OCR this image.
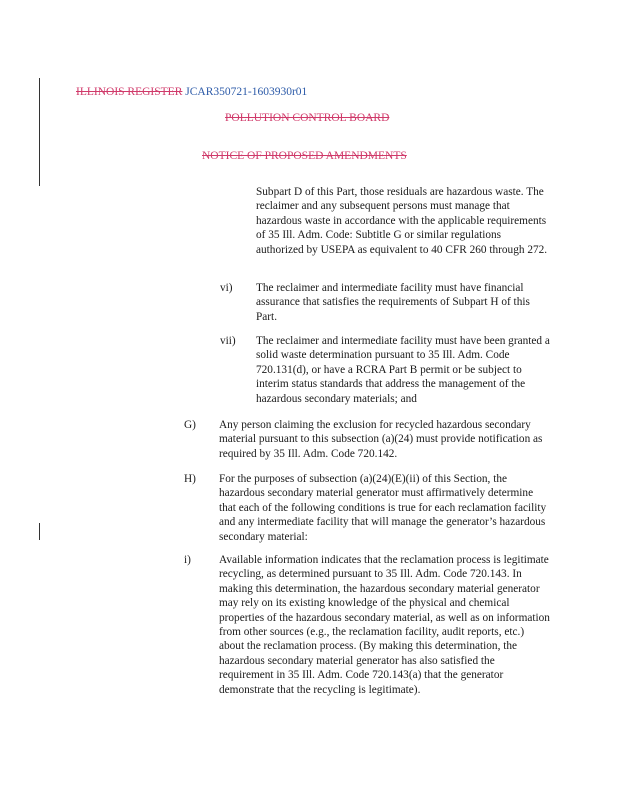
ILLINOIS REGISTER JCAR350721-1603930r01
POLLUTION CONTROL BOARD
NOTICE OF PROPOSED AMENDMENTS
Subpart D of this Part, those residuals are hazardous waste. The reclaimer and any subsequent persons must manage that hazardous waste in accordance with the applicable requirements of 35 Ill. Adm. Code: Subtitle G or similar regulations authorized by USEPA as equivalent to 40 CFR 260 through 272.
vi) The reclaimer and intermediate facility must have financial assurance that satisfies the requirements of Subpart H of this Part.
vii) The reclaimer and intermediate facility must have been granted a solid waste determination pursuant to 35 Ill. Adm. Code 720.131(d), or have a RCRA Part B permit or be subject to interim status standards that address the management of the hazardous secondary materials; and
G) Any person claiming the exclusion for recycled hazardous secondary material pursuant to this subsection (a)(24) must provide notification as required by 35 Ill. Adm. Code 720.142.
H) For the purposes of subsection (a)(24)(E)(ii) of this Section, the hazardous secondary material generator must affirmatively determine that each of the following conditions is true for each reclamation facility and any intermediate facility that will manage the generator’s hazardous secondary material:
i) Available information indicates that the reclamation process is legitimate recycling, as determined pursuant to 35 Ill. Adm. Code 720.143. In making this determination, the hazardous secondary material generator may rely on its existing knowledge of the physical and chemical properties of the hazardous secondary material, as well as on information from other sources (e.g., the reclamation facility, audit reports, etc.) about the reclamation process. (By making this determination, the hazardous secondary material generator has also satisfied the requirement in 35 Ill. Adm. Code 720.143(a) that the generator demonstrate that the recycling is legitimate).
